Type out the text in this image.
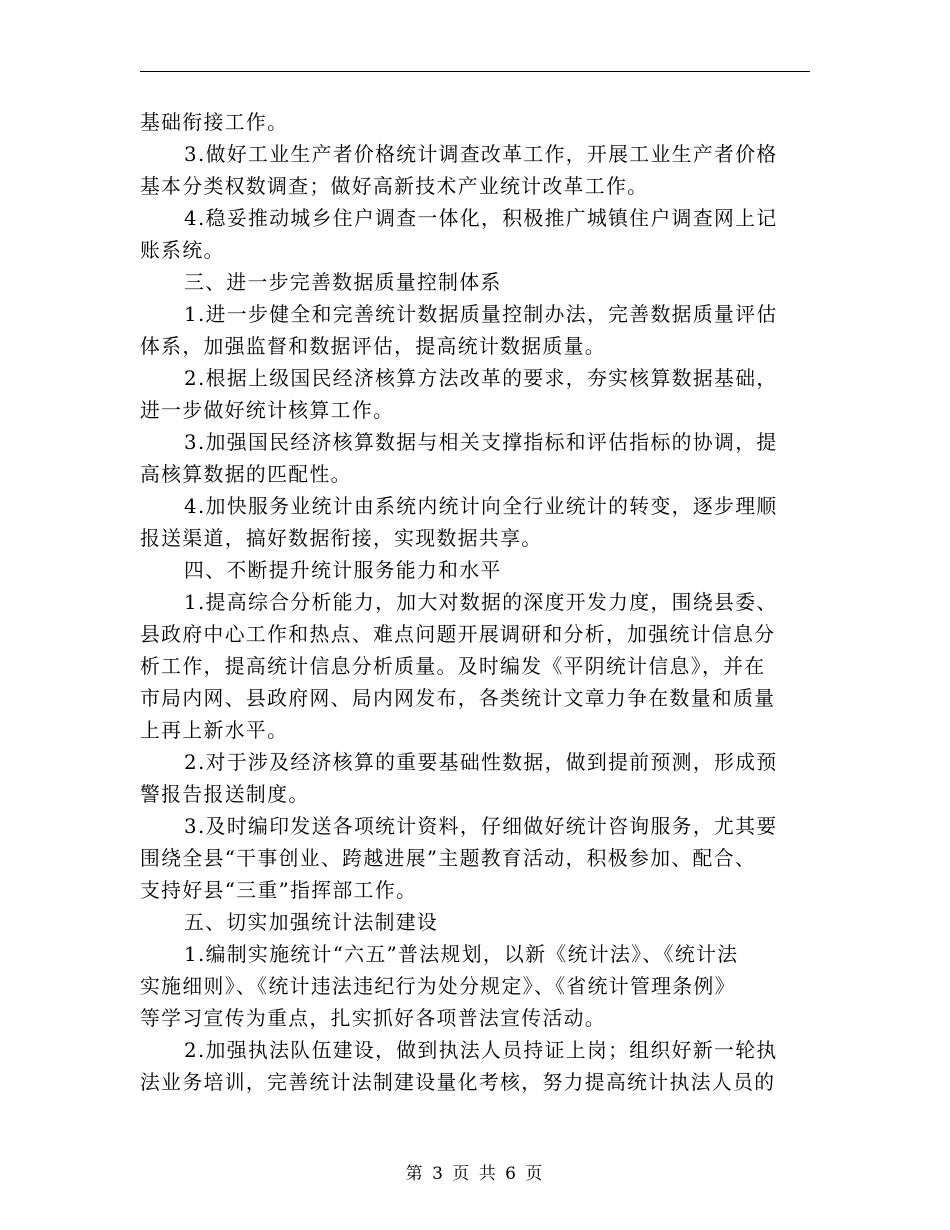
基础衔接工作。
3.做好工业生产者价格统计调查改革工作，开展工业生产者价格
基本分类权数调查；做好高新技术产业统计改革工作。
4.稳妥推动城乡住户调查一体化，积极推广城镇住户调查网上记
账系统。
三、进一步完善数据质量控制体系
1.进一步健全和完善统计数据质量控制办法，完善数据质量评估
体系，加强监督和数据评估，提高统计数据质量。
2.根据上级国民经济核算方法改革的要求，夯实核算数据基础，
进一步做好统计核算工作。
3.加强国民经济核算数据与相关支撑指标和评估指标的协调，提
高核算数据的匹配性。
4.加快服务业统计由系统内统计向全行业统计的转变，逐步理顺
报送渠道，搞好数据衔接，实现数据共享。
四、不断提升统计服务能力和水平
1.提高综合分析能力，加大对数据的深度开发力度，围绕县委、
县政府中心工作和热点、难点问题开展调研和分析，加强统计信息分
析工作，提高统计信息分析质量。及时编发《平阴统计信息》，并在
市局内网、县政府网、局内网发布，各类统计文章力争在数量和质量
上再上新水平。
2.对于涉及经济核算的重要基础性数据，做到提前预测，形成预
警报告报送制度。
3.及时编印发送各项统计资料，仔细做好统计咨询服务，尤其要
围绕全县“干事创业、跨越进展”主题教育活动，积极参加、配合、
支持好县“三重”指挥部工作。
五、切实加强统计法制建设
1.编制实施统计“六五”普法规划，以新《统计法》、《统计法
实施细则》、《统计违法违纪行为处分规定》、《省统计管理条例》
等学习宣传为重点，扎实抓好各项普法宣传活动。
2.加强执法队伍建设，做到执法人员持证上岗；组织好新一轮执
法业务培训，完善统计法制建设量化考核，努力提高统计执法人员的
第 3 页 共 6 页
